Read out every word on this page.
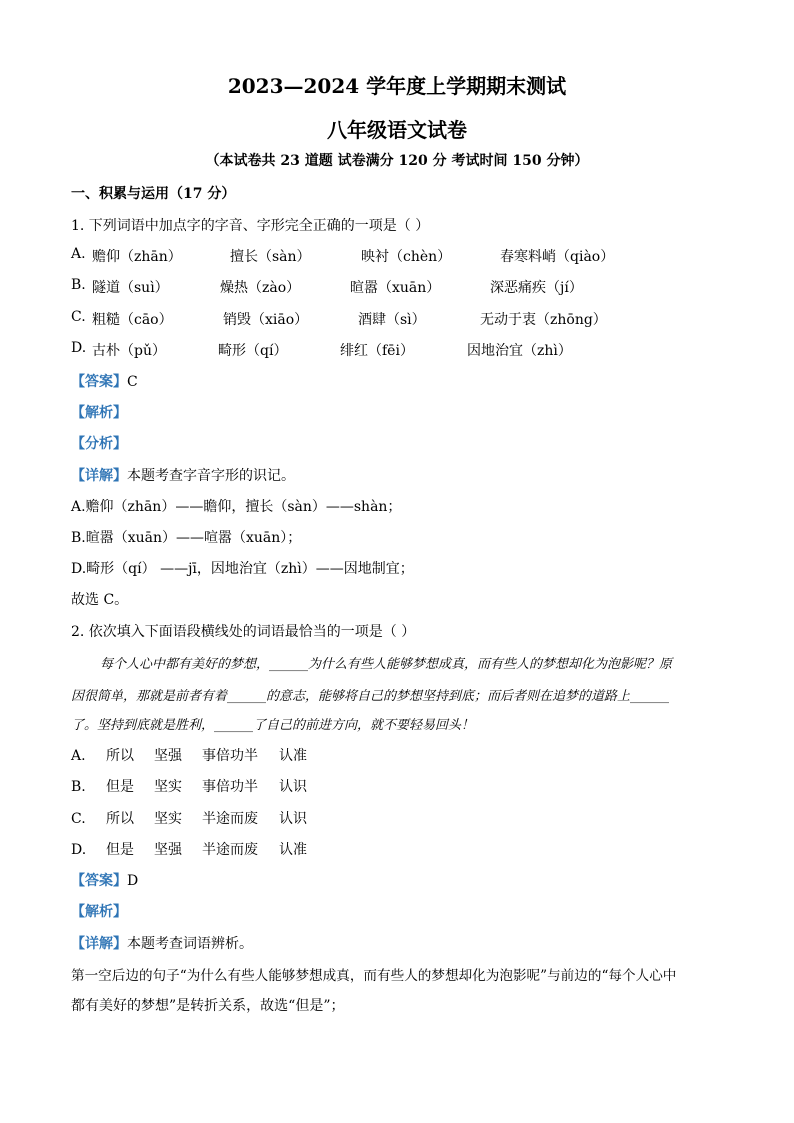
2023—2024 学年度上学期期末测试
八年级语文试卷
（本试卷共 23 道题 试卷满分 120 分 考试时间 150 分钟）
一、积累与运用（17 分）
1. 下列词语中加点字的字音、字形完全正确的一项是（ ）
A. 赡仰（zhān）	擅长（sàn）	映衬（chèn）	春寒料峭（qiào）
B. 隧道（suì）	燥热（zào）	暄嚣（xuān）	深恶痛疾（jí）
C. 粗糙（cāo）	销毁（xiāo）	酒肆（sì）	无动于衷（zhōng）
D. 古朴（pǔ）	畸形（qí）	绯红（fēi）	因地治宜（zhì）
【答案】C
【解析】
【分析】
【详解】本题考查字音字形的识记。
A.赡仰（zhān）——瞻仰，擅长（sàn）——shàn；
B.暄嚣（xuān）——喧嚣（xuān）；
D.畸形（qí） ——jī，因地治宜（zhì）——因地制宜；
故选 C。
2. 依次填入下面语段横线处的词语最恰当的一项是（ ）
每个人心中都有美好的梦想，______为什么有些人能够梦想成真，而有些人的梦想却化为泡影呢？原
因很简单，那就是前者有着______的意志，能够将自己的梦想坚持到底；而后者则在追梦的道路上______
了。坚持到底就是胜利，______了自己的前进方向，就不要轻易回头！
A. 所以 坚强 事倍功半 认准
B. 但是 坚实 事倍功半 认识
C. 所以 坚实 半途而废 认识
D. 但是 坚强 半途而废 认准
【答案】D
【解析】
【详解】本题考查词语辨析。
第一空后边的句子“为什么有些人能够梦想成真，而有些人的梦想却化为泡影呢”与前边的“每个人心中
都有美好的梦想”是转折关系，故选“但是”；
